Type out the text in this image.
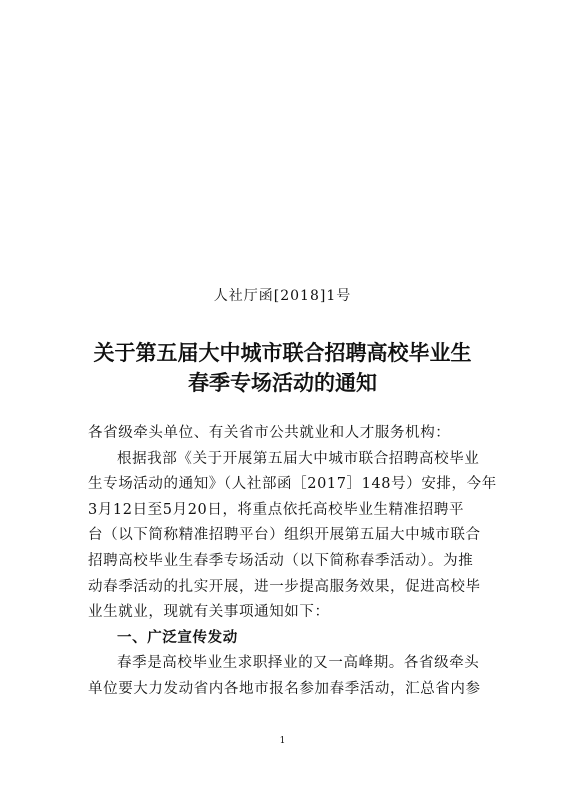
人社厅函[2018]1号
关于第五届大中城市联合招聘高校毕业生
春季专场活动的通知
各省级牵头单位、有关省市公共就业和人才服务机构：
根据我部《关于开展第五届大中城市联合招聘高校毕业
生专场活动的通知》（人社部函［2017］148号）安排，今年
3月12日至5月20日，将重点依托高校毕业生精准招聘平
台（以下简称精准招聘平台）组织开展第五届大中城市联合
招聘高校毕业生春季专场活动（以下简称春季活动）。为推
动春季活动的扎实开展，进一步提高服务效果，促进高校毕
业生就业，现就有关事项通知如下：
一、广泛宣传发动
春季是高校毕业生求职择业的又一高峰期。各省级牵头
单位要大力发动省内各地市报名参加春季活动，汇总省内参
1
